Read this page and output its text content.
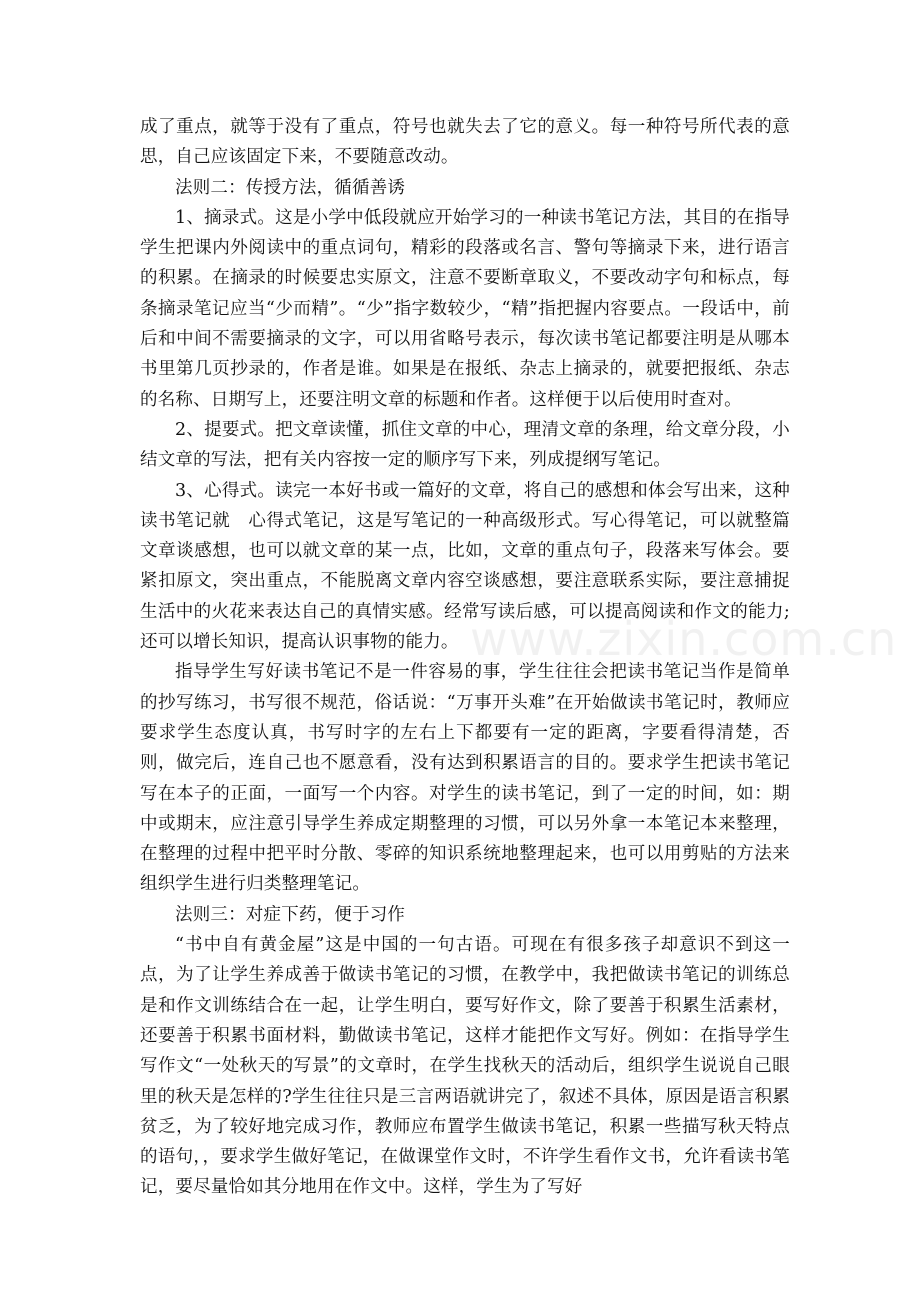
成了重点，就等于没有了重点，符号也就失去了它的意义。每一种符号所代表的意思，自己应该固定下来，不要随意改动。

法则二：传授方法，循循善诱

1、摘录式。这是小学中低段就应开始学习的一种读书笔记方法，其目的在指导学生把课内外阅读中的重点词句，精彩的段落或名言、警句等摘录下来，进行语言的积累。在摘录的时候要忠实原文，注意不要断章取义，不要改动字句和标点，每条摘录笔记应当“少而精”。“少”指字数较少，“精”指把握内容要点。一段话中，前后和中间不需要摘录的文字，可以用省略号表示，每次读书笔记都要注明是从哪本书里第几页抄录的，作者是谁。如果是在报纸、杂志上摘录的，就要把报纸、杂志的名称、日期写上，还要注明文章的标题和作者。这样便于以后使用时查对。

2、提要式。把文章读懂，抓住文章的中心，理清文章的条理，给文章分段，小结文章的写法，把有关内容按一定的顺序写下来，列成提纲写笔记。

3、心得式。读完一本好书或一篇好的文章，将自己的感想和体会写出来，这种读书笔记就　心得式笔记，这是写笔记的一种高级形式。写心得笔记，可以就整篇文章谈感想，也可以就文章的某一点，比如，文章的重点句子，段落来写体会。要紧扣原文，突出重点，不能脱离文章内容空谈感想，要注意联系实际，要注意捕捉生活中的火花来表达自己的真情实感。经常写读后感，可以提高阅读和作文的能力;还可以增长知识，提高认识事物的能力。

指导学生写好读书笔记不是一件容易的事，学生往往会把读书笔记当作是简单的抄写练习，书写很不规范，俗话说：“万事开头难”在开始做读书笔记时，教师应要求学生态度认真，书写时字的左右上下都要有一定的距离，字要看得清楚，否则，做完后，连自己也不愿意看，没有达到积累语言的目的。要求学生把读书笔记写在本子的正面，一面写一个内容。对学生的读书笔记，到了一定的时间，如：期中或期末，应注意引导学生养成定期整理的习惯，可以另外拿一本笔记本来整理，在整理的过程中把平时分散、零碎的知识系统地整理起来，也可以用剪贴的方法来组织学生进行归类整理笔记。

法则三：对症下药，便于习作

“书中自有黄金屋”这是中国的一句古语。可现在有很多孩子却意识不到这一点，为了让学生养成善于做读书笔记的习惯，在教学中，我把做读书笔记的训练总是和作文训练结合在一起，让学生明白，要写好作文，除了要善于积累生活素材，还要善于积累书面材料，勤做读书笔记，这样才能把作文写好。例如：在指导学生写作文“一处秋天的写景”的文章时，在学生找秋天的活动后，组织学生说说自己眼里的秋天是怎样的?学生往往只是三言两语就讲完了，叙述不具体，原因是语言积累贫乏，为了较好地完成习作，教师应布置学生做读书笔记，积累一些描写秋天特点的语句，，要求学生做好笔记，在做课堂作文时，不许学生看作文书，允许看读书笔记，要尽量恰如其分地用在作文中。这样，学生为了写好

www.zixin.com.cn
